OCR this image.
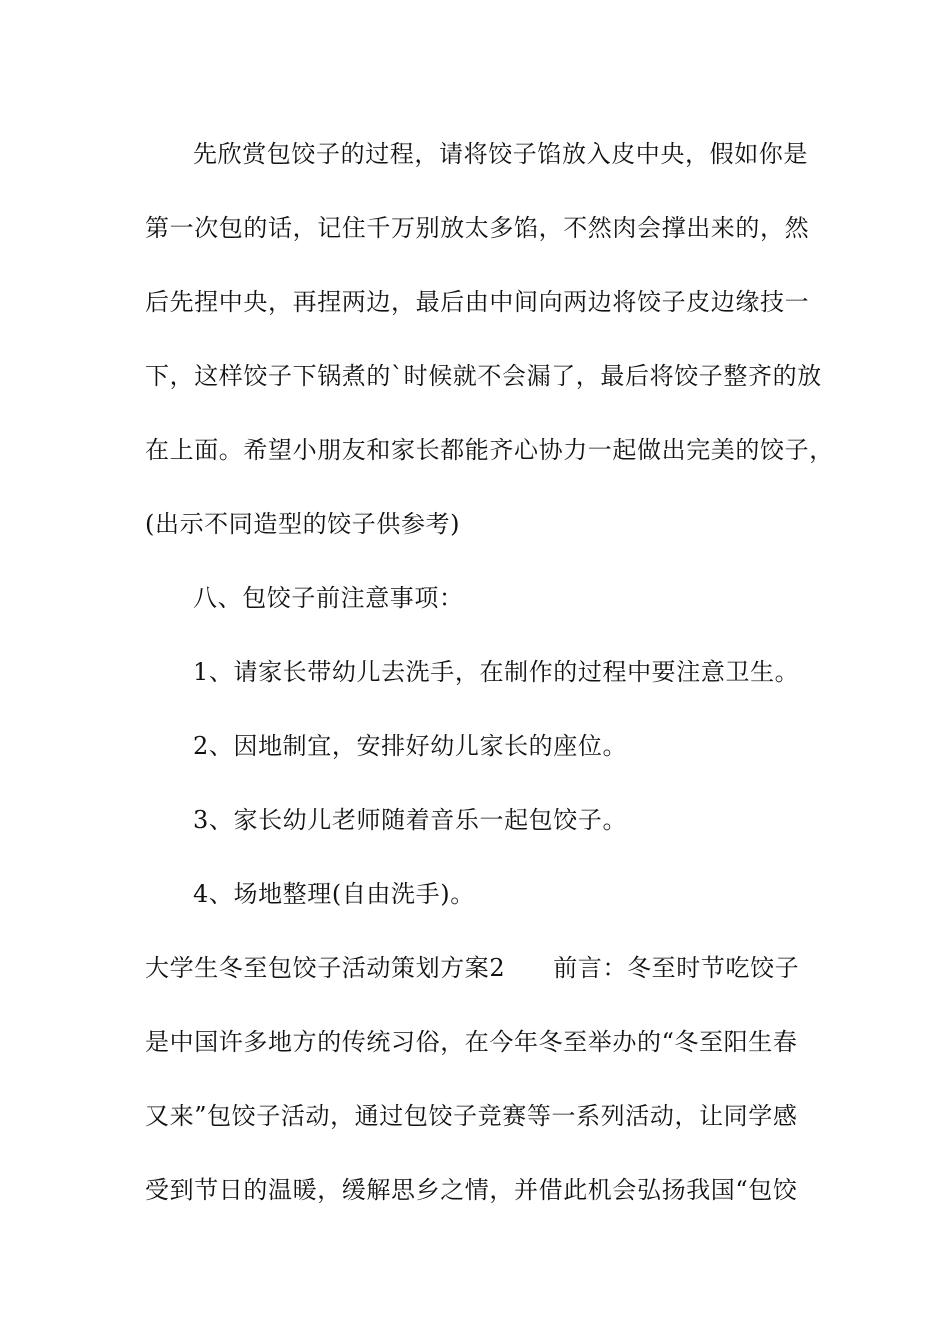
先欣赏包饺子的过程，请将饺子馅放入皮中央，假如你是
第一次包的话，记住千万别放太多馅，不然肉会撑出来的，然
后先捏中央，再捏两边，最后由中间向两边将饺子皮边缘技一
下，这样饺子下锅煮的`时候就不会漏了，最后将饺子整齐的放
在上面。希望小朋友和家长都能齐心协力一起做出完美的饺子，
(出示不同造型的饺子供参考)
八、包饺子前注意事项：
1、请家长带幼儿去洗手，在制作的过程中要注意卫生。
2、因地制宜，安排好幼儿家长的座位。
3、家长幼儿老师随着音乐一起包饺子。
4、场地整理(自由洗手)。
大学生冬至包饺子活动策划方案2 前言：冬至时节吃饺子
是中国许多地方的传统习俗，在今年冬至举办的“冬至阳生春
又来”包饺子活动，通过包饺子竞赛等一系列活动，让同学感
受到节日的温暖，缓解思乡之情，并借此机会弘扬我国“包饺
